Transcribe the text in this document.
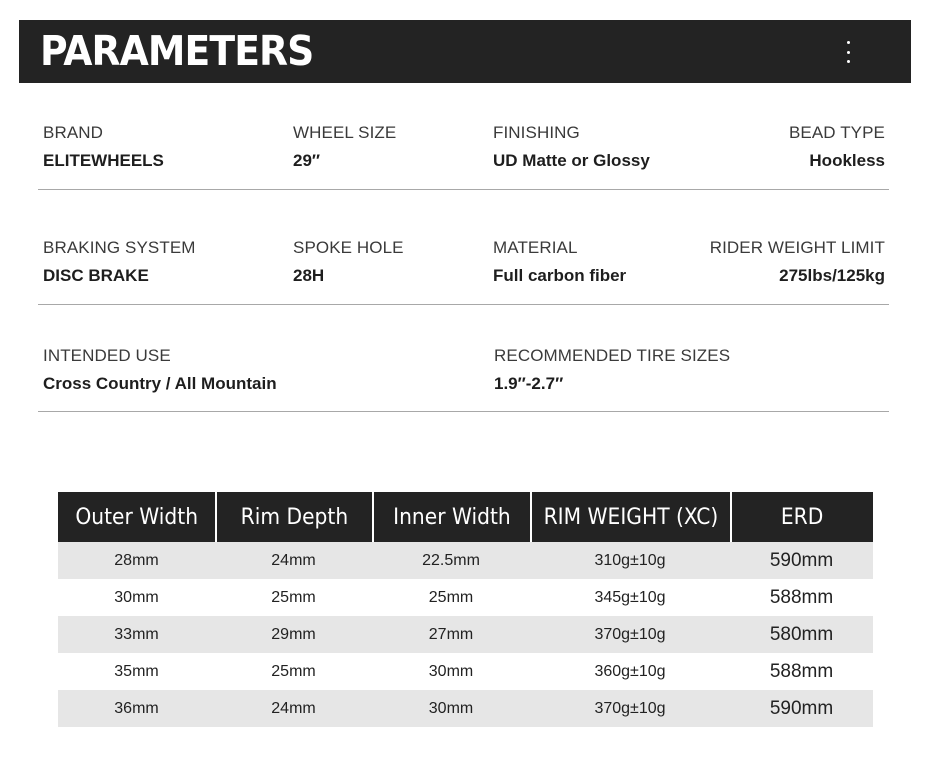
PARAMETERS
BRAND
ELITEWHEELS
WHEEL SIZE
29″
FINISHING
UD Matte or Glossy
BEAD TYPE
Hookless
BRAKING SYSTEM
DISC BRAKE
SPOKE HOLE
28H
MATERIAL
Full carbon fiber
RIDER WEIGHT LIMIT
275lbs/125kg
INTENDED USE
Cross Country / All Mountain
RECOMMENDED TIRE SIZES
1.9″-2.7″
Outer Width	Rim Depth	Inner Width	RIM WEIGHT (XC)	ERD
28mm	24mm	22.5mm	310g±10g	590mm
30mm	25mm	25mm	345g±10g	588mm
33mm	29mm	27mm	370g±10g	580mm
35mm	25mm	30mm	360g±10g	588mm
36mm	24mm	30mm	370g±10g	590mm
